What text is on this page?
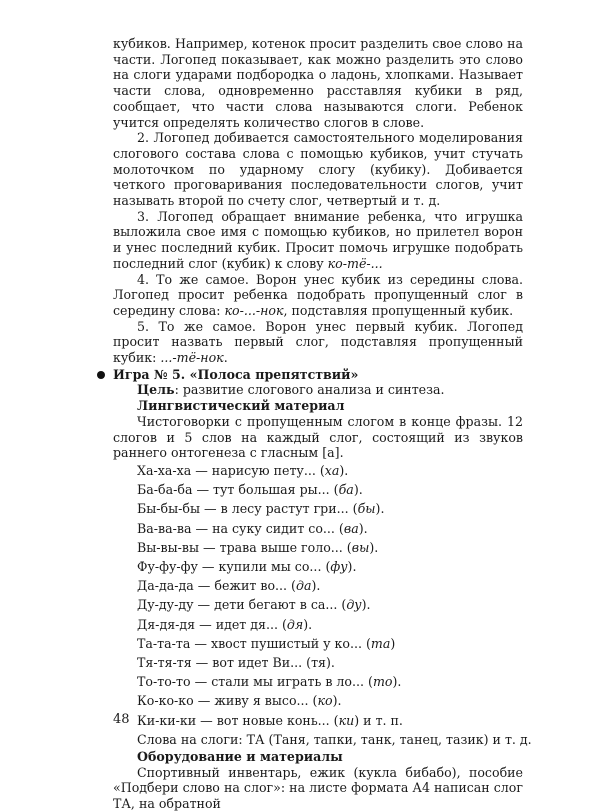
кубиков. Например, котенок просит разделить свое слово на части. Логопед показывает, как можно разделить это слово на слоги ударами подбородка о ладонь, хлопками. Называет части слова, одновременно расставляя кубики в ряд, сообщает, что части слова называются слоги. Ребенок учится определять количество слогов в слове.

2. Логопед добивается самостоятельного моделирования слогового состава слова с помощью кубиков, учит стучать молоточком по ударному слогу (кубику). Добивается четкого проговаривания последовательности слогов, учит называть второй по счету слог, четвертый и т. д.

3. Логопед обращает внимание ребенка, что игрушка выложила свое имя с помощью кубиков, но прилетел ворон и унес последний кубик. Просит помочь игрушке подобрать последний слог (кубик) к слову ко-тё-...

4. То же самое. Ворон унес кубик из середины слова. Логопед просит ребенка подобрать пропущенный слог в середину слова: ко-...-нок, подставляя пропущенный кубик.

5. То же самое. Ворон унес первый кубик. Логопед просит назвать первый слог, подставляя пропущенный кубик: ...-тё-нок.

Игра № 5. «Полоса препятствий»

Цель: развитие слогового анализа и синтеза.

Лингвистический материал

Чистоговорки с пропущенным слогом в конце фразы. 12 слогов и 5 слов на каждый слог, состоящий из звуков раннего онтогенеза с гласным [а].

Ха-ха-ха — нарисую пету... (ха).
Ба-ба-ба — тут большая ры... (ба).
Бы-бы-бы — в лесу растут гри... (бы).
Ва-ва-ва — на суку сидит со... (ва).
Вы-вы-вы — трава выше голо... (вы).
Фу-фу-фу — купили мы со... (фу).
Да-да-да — бежит во... (да).
Ду-ду-ду — дети бегают в са... (ду).
Дя-дя-дя — идет дя... (дя).
Та-та-та — хвост пушистый у ко... (та)
Тя-тя-тя — вот идет Ви... (тя).
То-то-то — стали мы играть в ло... (то).
Ко-ко-ко — живу я высо... (ко).
Ки-ки-ки — вот новые конь... (ки) и т. п.
Слова на слоги: ТА (Таня, тапки, танк, танец, тазик) и т. д.

Оборудование и материалы

Спортивный инвентарь, ежик (кукла бибабо), пособие «Подбери слово на слог»: на листе формата А4 написан слог ТА, на обратной

48
